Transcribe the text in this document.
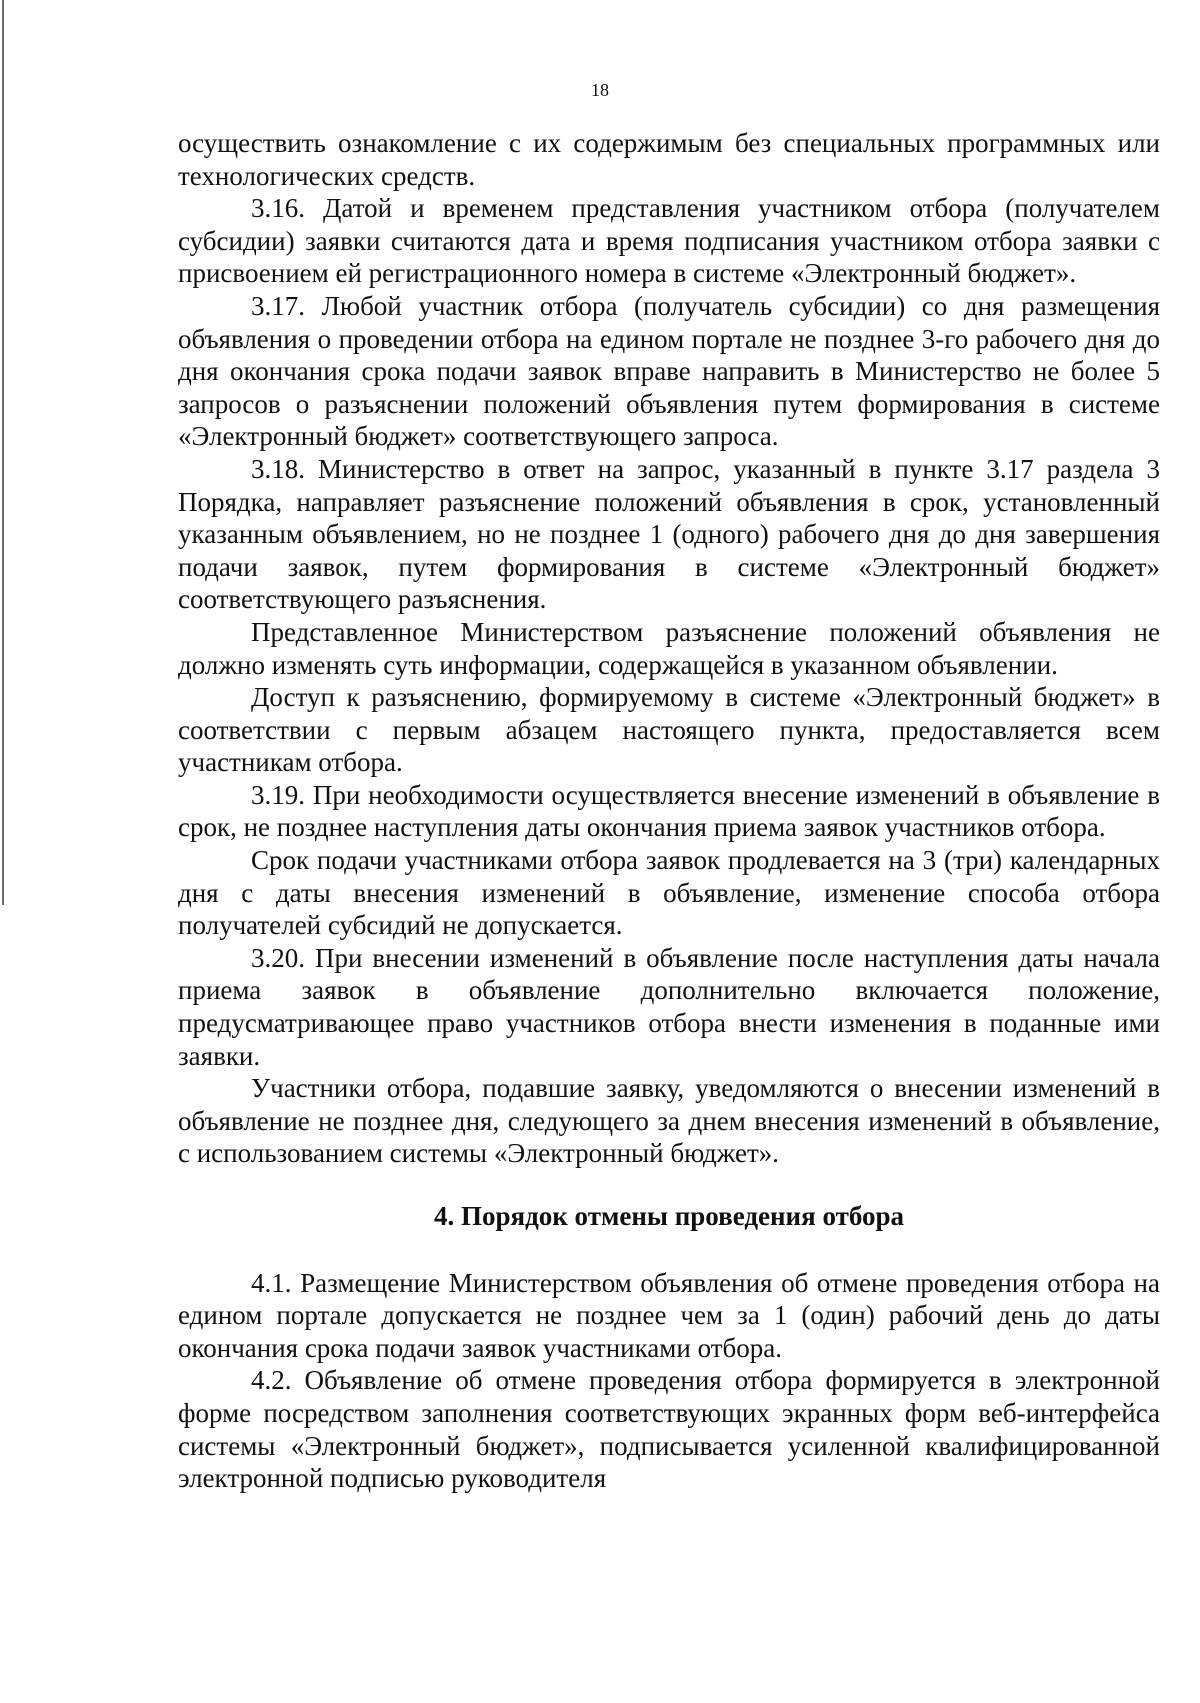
18

осуществить ознакомление с их содержимым без специальных программных или технологических средств.

3.16. Датой и временем представления участником отбора (получателем субсидии) заявки считаются дата и время подписания участником отбора заявки с присвоением ей регистрационного номера в системе «Электронный бюджет».

3.17. Любой участник отбора (получатель субсидии) со дня размещения объявления о проведении отбора на едином портале не позднее 3-го рабочего дня до дня окончания срока подачи заявок вправе направить в Министерство не более 5 запросов о разъяснении положений объявления путем формирования в системе «Электронный бюджет» соответствующего запроса.

3.18. Министерство в ответ на запрос, указанный в пункте 3.17 раздела 3 Порядка, направляет разъяснение положений объявления в срок, установленный указанным объявлением, но не позднее 1 (одного) рабочего дня до дня завершения подачи заявок, путем формирования в системе «Электронный бюджет» соответствующего разъяснения.

Представленное Министерством разъяснение положений объявления не должно изменять суть информации, содержащейся в указанном объявлении.

Доступ к разъяснению, формируемому в системе «Электронный бюджет» в соответствии с первым абзацем настоящего пункта, предоставляется всем участникам отбора.

3.19. При необходимости осуществляется внесение изменений в объявление в срок, не позднее наступления даты окончания приема заявок участников отбора.

Срок подачи участниками отбора заявок продлевается на 3 (три) календарных дня с даты внесения изменений в объявление, изменение способа отбора получателей субсидий не допускается.

3.20. При внесении изменений в объявление после наступления даты начала приема заявок в объявление дополнительно включается положение, предусматривающее право участников отбора внести изменения в поданные ими заявки.

Участники отбора, подавшие заявку, уведомляются о внесении изменений в объявление не позднее дня, следующего за днем внесения изменений в объявление, с использованием системы «Электронный бюджет».

4. Порядок отмены проведения отбора

4.1. Размещение Министерством объявления об отмене проведения отбора на едином портале допускается не позднее чем за 1 (один) рабочий день до даты окончания срока подачи заявок участниками отбора.

4.2. Объявление об отмене проведения отбора формируется в электронной форме посредством заполнения соответствующих экранных форм веб-интерфейса системы «Электронный бюджет», подписывается усиленной квалифицированной электронной подписью руководителя
